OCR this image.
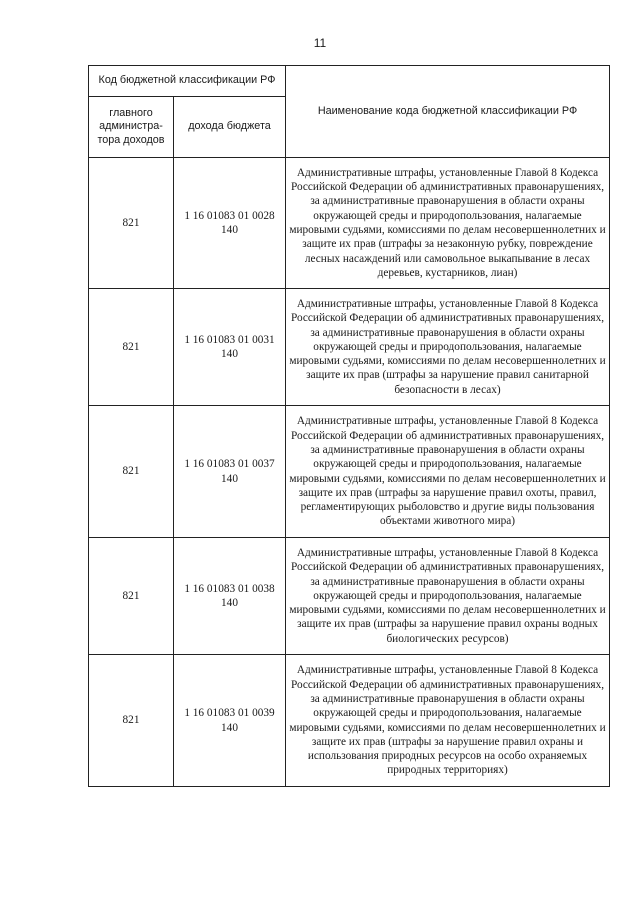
11
Код бюджетной классификации РФ		Наименование кода бюджетной классификации РФ
главного администра-тора доходов	дохода бюджета	
821	1 16 01083 01 0028 140	Административные штрафы, установленные Главой 8 Кодекса Российской Федерации об административных правонарушениях, за административные правонарушения в области охраны окружающей среды и природопользования, налагаемые мировыми судьями, комиссиями по делам несовершеннолетних и защите их прав (штрафы за незаконную рубку, повреждение лесных насаждений или самовольное выкапывание в лесах деревьев, кустарников, лиан)
821	1 16 01083 01 0031 140	Административные штрафы, установленные Главой 8 Кодекса Российской Федерации об административных правонарушениях, за административные правонарушения в области охраны окружающей среды и природопользования, налагаемые мировыми судьями, комиссиями по делам несовершеннолетних и защите их прав (штрафы за нарушение правил санитарной безопасности в лесах)
821	1 16 01083 01 0037 140	Административные штрафы, установленные Главой 8 Кодекса Российской Федерации об административных правонарушениях, за административные правонарушения в области охраны окружающей среды и природопользования, налагаемые мировыми судьями, комиссиями по делам несовершеннолетних и защите их прав (штрафы за нарушение правил охоты, правил, регламентирующих рыболовство и другие виды пользования объектами животного мира)
821	1 16 01083 01 0038 140	Административные штрафы, установленные Главой 8 Кодекса Российской Федерации об административных правонарушениях, за административные правонарушения в области охраны окружающей среды и природопользования, налагаемые мировыми судьями, комиссиями по делам несовершеннолетних и защите их прав (штрафы за нарушение правил охраны водных биологических ресурсов)
821	1 16 01083 01 0039 140	Административные штрафы, установленные Главой 8 Кодекса Российской Федерации об административных правонарушениях, за административные правонарушения в области охраны окружающей среды и природопользования, налагаемые мировыми судьями, комиссиями по делам несовершеннолетних и защите их прав (штрафы за нарушение правил охраны и использования природных ресурсов на особо охраняемых природных территориях)
